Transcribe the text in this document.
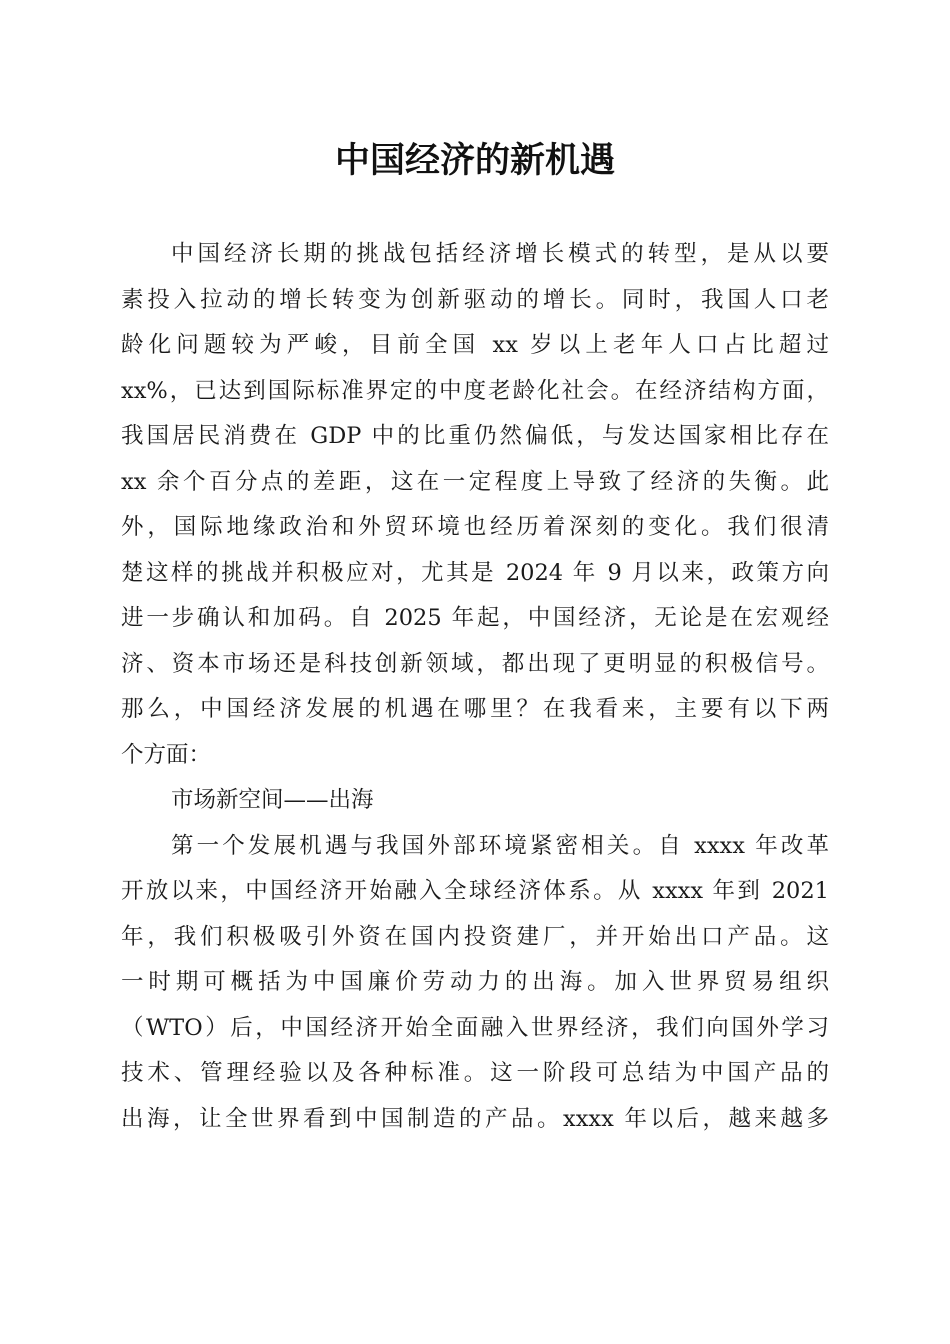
中国经济的新机遇
中国经济长期的挑战包括经济增长模式的转型，是从以要
素投入拉动的增长转变为创新驱动的增长。同时，我国人口老
龄化问题较为严峻，目前全国 xx 岁以上老年人口占比超过
xx%，已达到国际标准界定的中度老龄化社会。在经济结构方面，
我国居民消费在 GDP 中的比重仍然偏低，与发达国家相比存在
xx 余个百分点的差距，这在一定程度上导致了经济的失衡。此
外，国际地缘政治和外贸环境也经历着深刻的变化。我们很清
楚这样的挑战并积极应对，尤其是 2024 年 9 月以来，政策方向
进一步确认和加码。自 2025 年起，中国经济，无论是在宏观经
济、资本市场还是科技创新领域，都出现了更明显的积极信号。
那么，中国经济发展的机遇在哪里？在我看来，主要有以下两
个方面：
市场新空间——出海
第一个发展机遇与我国外部环境紧密相关。自 xxxx 年改革
开放以来，中国经济开始融入全球经济体系。从 xxxx 年到 2021
年，我们积极吸引外资在国内投资建厂，并开始出口产品。这
一时期可概括为中国廉价劳动力的出海。加入世界贸易组织
（WTO）后，中国经济开始全面融入世界经济，我们向国外学习
技术、管理经验以及各种标准。这一阶段可总结为中国产品的
出海，让全世界看到中国制造的产品。xxxx 年以后，越来越多
